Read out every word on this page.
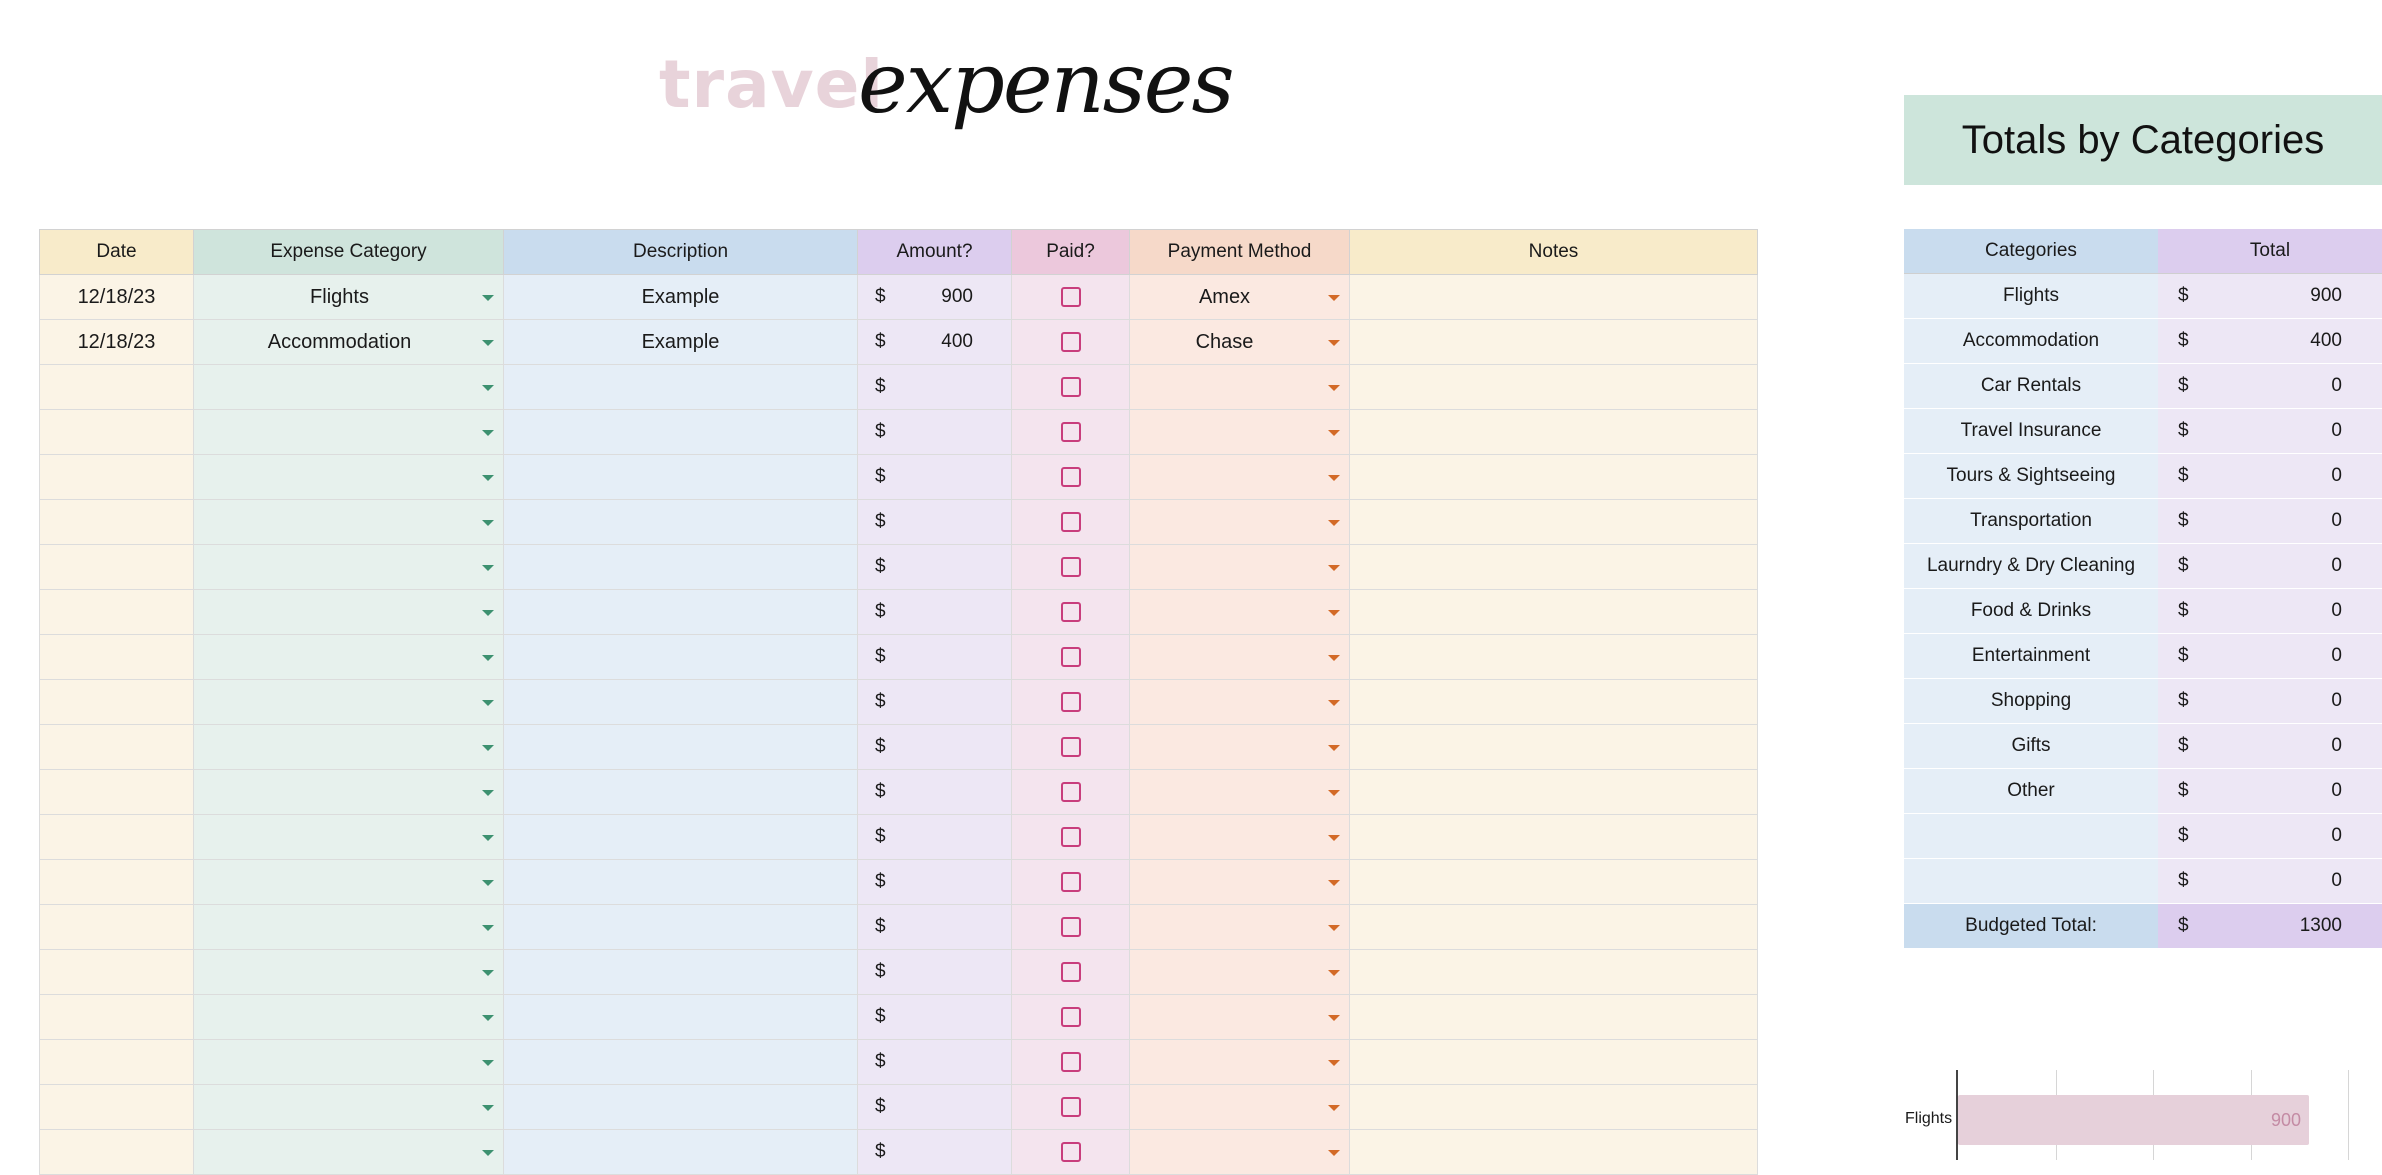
travel
expenses
Date	Expense Category	Description	Amount?	Paid?	Payment Method	Notes
12/18/23	Flights	Example	$ 900		Amex	

12/18/23	Accommodation	Example	$ 400		Chase	

			$			

			$			

			$			

			$			

			$			

			$			

			$			

			$			

			$			

			$			

			$			

			$			

			$			

			$			

			$			

			$			

			$			

			$			

Totals by Categories
Categories	Total
Flights	$ 900

Accommodation	$ 400

Car Rentals	$ 0

Travel Insurance	$ 0

Tours & Sightseeing	$ 0

Transportation	$ 0

Laurndry & Dry Cleaning	$ 0

Food & Drinks	$ 0

Entertainment	$ 0

Shopping	$ 0

Gifts	$ 0

Other	$ 0

	$ 0

	$ 0

Budgeted Total:	$ 1300
Flights	900
